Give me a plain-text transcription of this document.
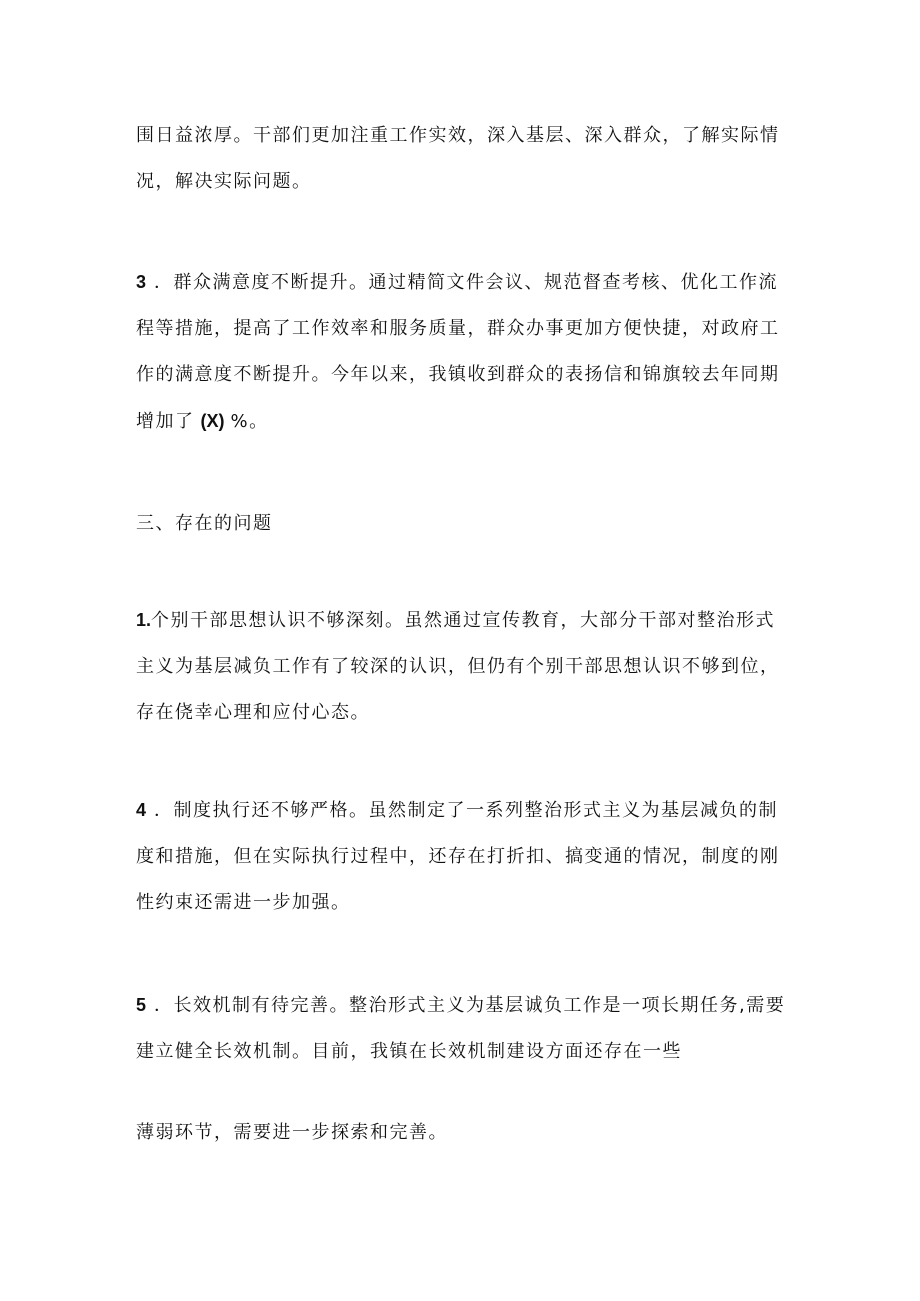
围日益浓厚。干部们更加注重工作实效，深入基层、深入群众，了解实际情况，解决实际问题。

3 ．群众满意度不断提升。通过精简文件会议、规范督查考核、优化工作流程等措施，提高了工作效率和服务质量，群众办事更加方便快捷，对政府工作的满意度不断提升。今年以来，我镇收到群众的表扬信和锦旗较去年同期增加了 (X) %。

三、存在的问题

1.个别干部思想认识不够深刻。虽然通过宣传教育，大部分干部对整治形式主义为基层减负工作有了较深的认识，但仍有个别干部思想认识不够到位，存在侥幸心理和应付心态。

4 ．制度执行还不够严格。虽然制定了一系列整治形式主义为基层减负的制度和措施，但在实际执行过程中，还存在打折扣、搞变通的情况，制度的刚性约束还需进一步加强。

5 ．长效机制有待完善。整治形式主义为基层诚负工作是一项长期任务,需要建立健全长效机制。目前，我镇在长效机制建设方面还存在一些

薄弱环节，需要进一步探索和完善。
